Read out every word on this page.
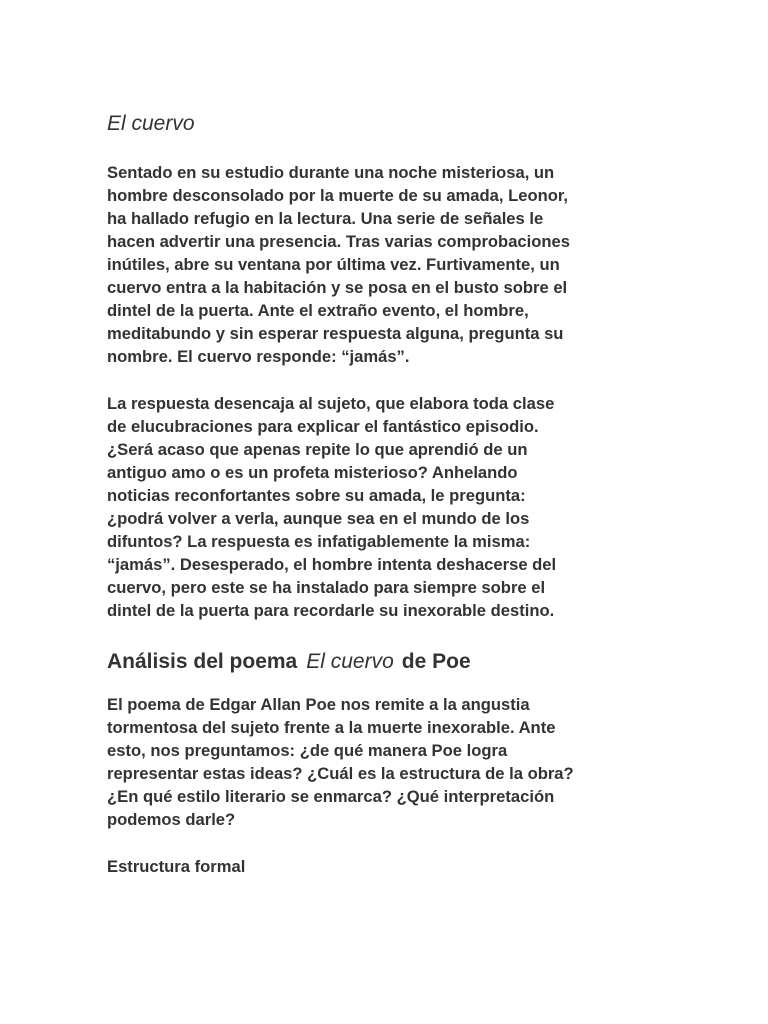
El cuervo

Sentado en su estudio durante una noche misteriosa, un
hombre desconsolado por la muerte de su amada, Leonor,
ha hallado refugio en la lectura. Una serie de señales le
hacen advertir una presencia. Tras varias comprobaciones
inútiles, abre su ventana por última vez. Furtivamente, un
cuervo entra a la habitación y se posa en el busto sobre el
dintel de la puerta. Ante el extraño evento, el hombre,
meditabundo y sin esperar respuesta alguna, pregunta su
nombre. El cuervo responde: “jamás”.

La respuesta desencaja al sujeto, que elabora toda clase
de elucubraciones para explicar el fantástico episodio.
¿Será acaso que apenas repite lo que aprendió de un
antiguo amo o es un profeta misterioso? Anhelando
noticias reconfortantes sobre su amada, le pregunta:
¿podrá volver a verla, aunque sea en el mundo de los
difuntos? La respuesta es infatigablemente la misma:
“jamás”. Desesperado, el hombre intenta deshacerse del
cuervo, pero este se ha instalado para siempre sobre el
dintel de la puerta para recordarle su inexorable destino.

Análisis del poema El cuervo de Poe

El poema de Edgar Allan Poe nos remite a la angustia
tormentosa del sujeto frente a la muerte inexorable. Ante
esto, nos preguntamos: ¿de qué manera Poe logra
representar estas ideas? ¿Cuál es la estructura de la obra?
¿En qué estilo literario se enmarca? ¿Qué interpretación
podemos darle?

Estructura formal
